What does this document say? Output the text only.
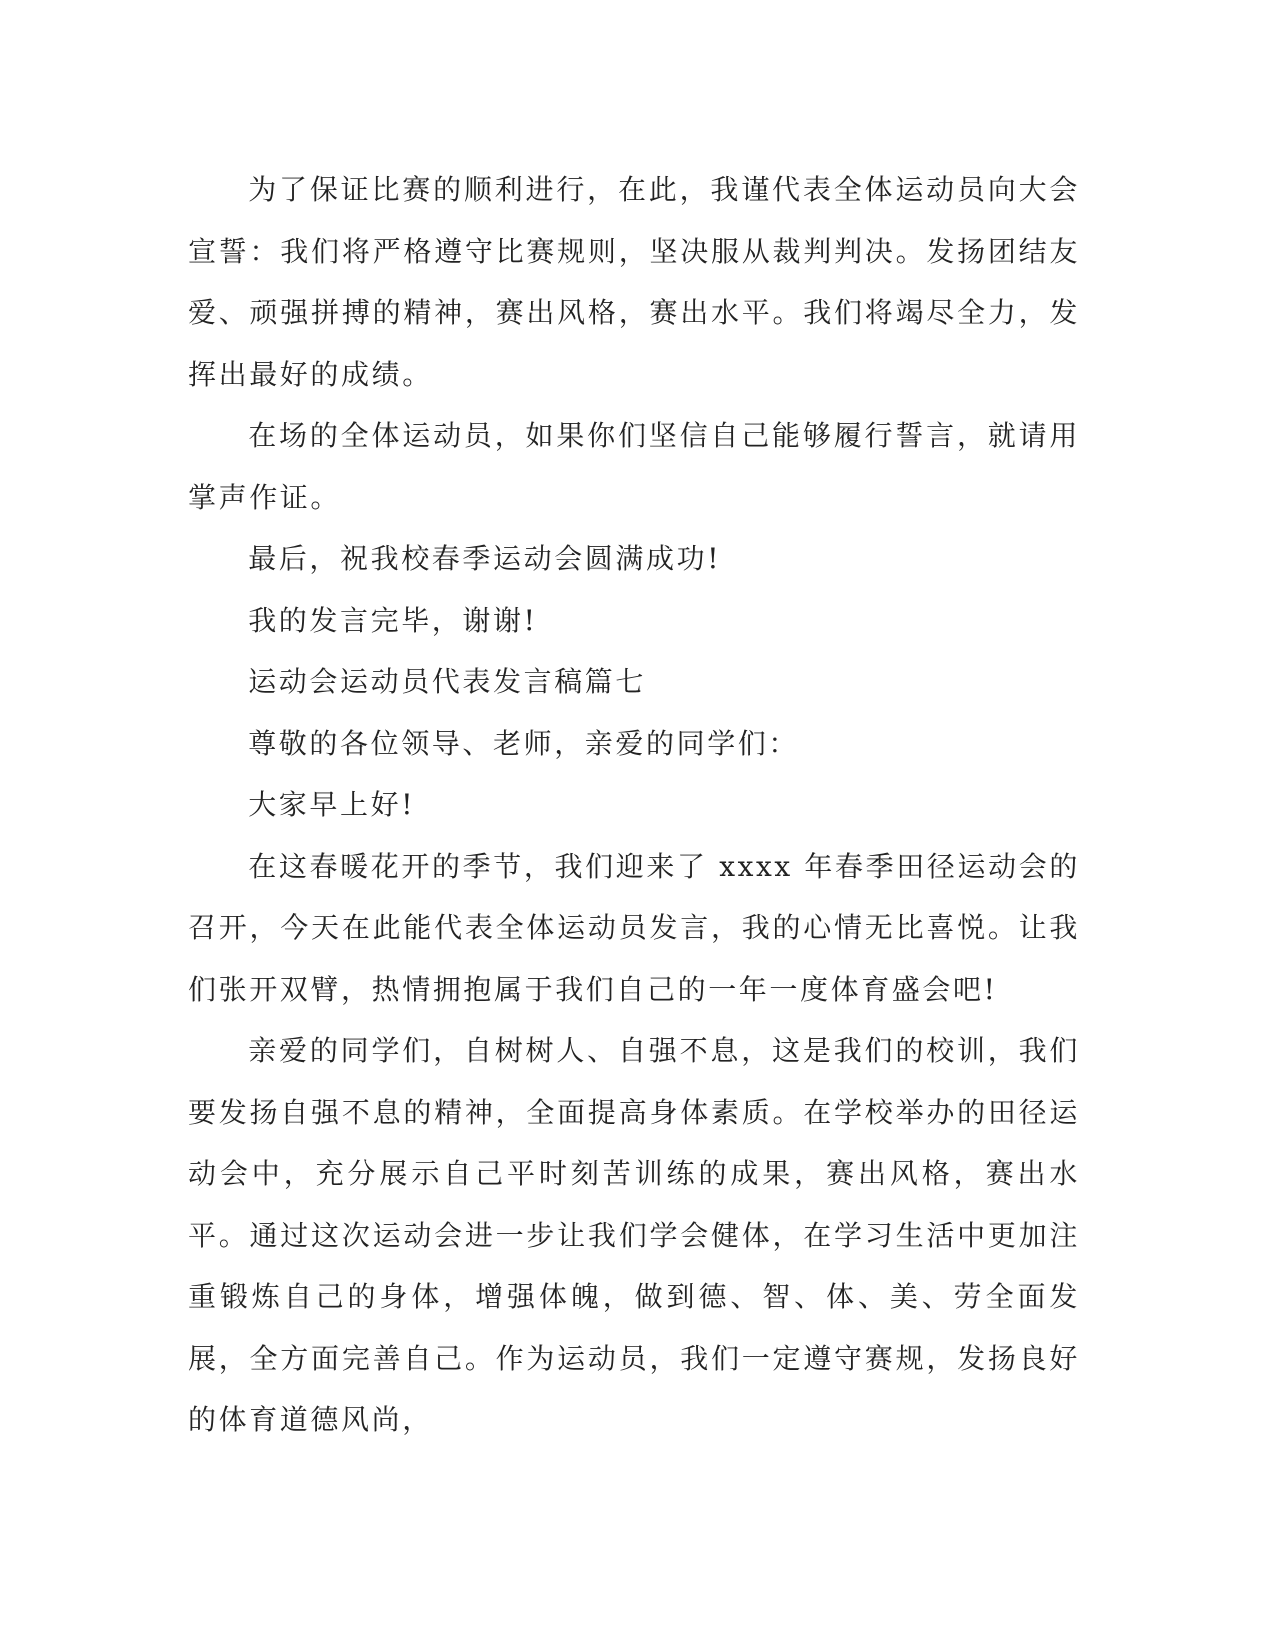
为了保证比赛的顺利进行，在此，我谨代表全体运动员向大会宣誓：我们将严格遵守比赛规则，坚决服从裁判判决。发扬团结友爱、顽强拼搏的精神，赛出风格，赛出水平。我们将竭尽全力，发挥出最好的成绩。

在场的全体运动员，如果你们坚信自己能够履行誓言，就请用掌声作证。

最后，祝我校春季运动会圆满成功!

我的发言完毕，谢谢!

运动会运动员代表发言稿篇七

尊敬的各位领导、老师，亲爱的同学们：

大家早上好!

在这春暖花开的季节，我们迎来了 xxxx 年春季田径运动会的召开，今天在此能代表全体运动员发言，我的心情无比喜悦。让我们张开双臂，热情拥抱属于我们自己的一年一度体育盛会吧!

亲爱的同学们，自树树人、自强不息，这是我们的校训，我们要发扬自强不息的精神，全面提高身体素质。在学校举办的田径运动会中，充分展示自己平时刻苦训练的成果，赛出风格，赛出水平。通过这次运动会进一步让我们学会健体，在学习生活中更加注重锻炼自己的身体，增强体魄，做到德、智、体、美、劳全面发展，全方面完善自己。作为运动员，我们一定遵守赛规，发扬良好的体育道德风尚，
